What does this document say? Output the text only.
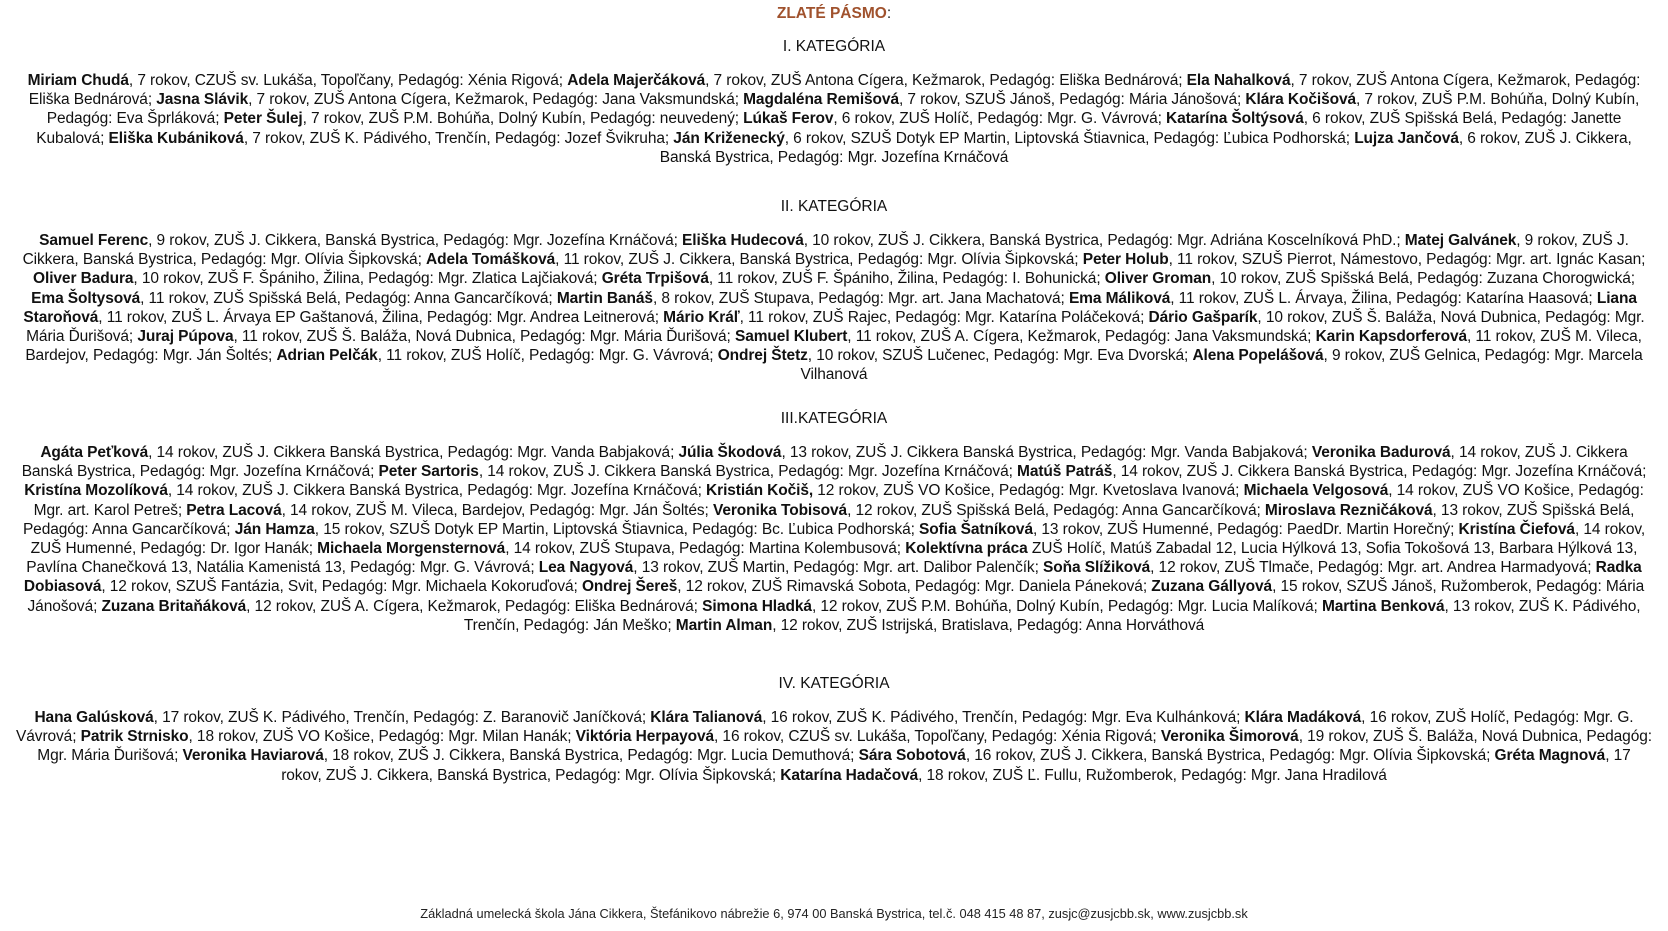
ZLATÉ PÁSMO:
I. KATEGÓRIA

Miriam Chudá, 7 rokov, CZUŠ sv. Lukáša, Topoľčany, Pedagóg: Xénia Rigová; Adela Majerčáková, 7 rokov, ZUŠ Antona Cígera, Kežmarok, Pedagóg: Eliška Bednárová; Ela Nahalková, 7 rokov, ZUŠ Antona Cígera, Kežmarok, Pedagóg: Eliška Bednárová; Jasna Slávik, 7 rokov, ZUŠ Antona Cígera, Kežmarok, Pedagóg: Jana Vaksmundská; Magdaléna Remišová, 7 rokov, SZUŠ Jánoš, Pedagóg: Mária Jánošová; Klára Kočišová, 7 rokov, ZUŠ P.M. Bohúňa, Dolný Kubín, Pedagóg: Eva Šprláková; Peter Šulej, 7 rokov, ZUŠ P.M. Bohúňa, Dolný Kubín, Pedagóg: neuvedený; Lúkaš Ferov, 6 rokov, ZUŠ Holíč, Pedagóg: Mgr. G. Vávrová; Katarína Šoltýsová, 6 rokov, ZUŠ Spišská Belá, Pedagóg: Janette Kubalová; Eliška Kubániková, 7 rokov, ZUŠ K. Pádivého, Trenčín, Pedagóg: Jozef Švikruha; Ján Križenecký, 6 rokov, SZUŠ Dotyk EP Martin, Liptovská Štiavnica, Pedagóg: Ľubica Podhorská; Lujza Jančová, 6 rokov, ZUŠ J. Cikkera, Banská Bystrica, Pedagóg: Mgr. Jozefína Krnáčová

II. KATEGÓRIA

Samuel Ferenc, 9 rokov, ZUŠ J. Cikkera, Banská Bystrica, Pedagóg: Mgr. Jozefína Krnáčová; Eliška Hudecová, 10 rokov, ZUŠ J. Cikkera, Banská Bystrica, Pedagóg: Mgr. Adriána Koscelníková PhD.; Matej Galvánek, 9 rokov, ZUŠ J. Cikkera, Banská Bystrica, Pedagóg: Mgr. Olívia Šipkovská; Adela Tomášková, 11 rokov, ZUŠ J. Cikkera, Banská Bystrica, Pedagóg: Mgr. Olívia Šipkovská; Peter Holub, 11 rokov, SZUŠ Pierrot, Námestovo, Pedagóg: Mgr. art. Ignác Kasan; Oliver Badura, 10 rokov, ZUŠ F. Špániho, Žilina, Pedagóg: Mgr. Zlatica Lajčiaková; Gréta Trpišová, 11 rokov, ZUŠ F. Špániho, Žilina, Pedagóg: I. Bohunická; Oliver Groman, 10 rokov, ZUŠ Spišská Belá, Pedagóg: Zuzana Chorogwická; Ema Šoltysová, 11 rokov, ZUŠ Spišská Belá, Pedagóg: Anna Gancarčíková; Martin Banáš, 8 rokov, ZUŠ Stupava, Pedagóg: Mgr. art. Jana Machatová; Ema Máliková, 11 rokov, ZUŠ L. Árvaya, Žilina, Pedagóg: Katarína Haasová; Liana Staroňová, 11 rokov, ZUŠ L. Árvaya EP Gaštanová, Žilina, Pedagóg: Mgr. Andrea Leitnerová; Mário Kráľ, 11 rokov, ZUŠ Rajec, Pedagóg: Mgr. Katarína Poláčeková; Dário Gašparík, 10 rokov, ZUŠ Š. Baláža, Nová Dubnica, Pedagóg: Mgr. Mária Ďurišová; Juraj Púpova, 11 rokov, ZUŠ Š. Baláža, Nová Dubnica, Pedagóg: Mgr. Mária Ďurišová; Samuel Klubert, 11 rokov, ZUŠ A. Cígera, Kežmarok, Pedagóg: Jana Vaksmundská; Karin Kapsdorferová, 11 rokov, ZUŠ M. Vileca, Bardejov, Pedagóg: Mgr. Ján Šoltés; Adrian Pelčák, 11 rokov, ZUŠ Holíč, Pedagóg: Mgr. G. Vávrová; Ondrej Štetz, 10 rokov, SZUŠ Lučenec, Pedagóg: Mgr. Eva Dvorská; Alena Popelášová, 9 rokov, ZUŠ Gelnica, Pedagóg: Mgr. Marcela Vilhanová

III.KATEGÓRIA

Agáta Peťková, 14 rokov, ZUŠ J. Cikkera Banská Bystrica, Pedagóg: Mgr. Vanda Babjaková; Júlia Škodová, 13 rokov, ZUŠ J. Cikkera Banská Bystrica, Pedagóg: Mgr. Vanda Babjaková; Veronika Badurová, 14 rokov, ZUŠ J. Cikkera Banská Bystrica, Pedagóg: Mgr. Jozefína Krnáčová; Peter Sartoris, 14 rokov, ZUŠ J. Cikkera Banská Bystrica, Pedagóg: Mgr. Jozefína Krnáčová; Matúš Patráš, 14 rokov, ZUŠ J. Cikkera Banská Bystrica, Pedagóg: Mgr. Jozefína Krnáčová; Kristína Mozolíková, 14 rokov, ZUŠ J. Cikkera Banská Bystrica, Pedagóg: Mgr. Jozefína Krnáčová; Kristián Kočiš, 12 rokov, ZUŠ VO Košice, Pedagóg: Mgr. Kvetoslava Ivanová; Michaela Velgosová, 14 rokov, ZUŠ VO Košice, Pedagóg: Mgr. art. Karol Petreš; Petra Lacová, 14 rokov, ZUŠ M. Vileca, Bardejov, Pedagóg: Mgr. Ján Šoltés; Veronika Tobisová, 12 rokov, ZUŠ Spišská Belá, Pedagóg: Anna Gancarčíková; Miroslava Rezničáková, 13 rokov, ZUŠ Spišská Belá, Pedagóg: Anna Gancarčíková; Ján Hamza, 15 rokov, SZUŠ Dotyk EP Martin, Liptovská Štiavnica, Pedagóg: Bc. Ľubica Podhorská; Sofia Šatníková, 13 rokov, ZUŠ Humenné, Pedagóg: PaedDr. Martin Horečný; Kristína Čiefová, 14 rokov, ZUŠ Humenné, Pedagóg: Dr. Igor Hanák; Michaela Morgensternová, 14 rokov, ZUŠ Stupava, Pedagóg: Martina Kolembusová; Kolektívna práca ZUŠ Holíč, Matúš Zabadal 12, Lucia Hýlková 13, Sofia Tokošová 13, Barbara Hýlková 13, Pavlína Chanečková 13, Natália Kamenistá 13, Pedagóg: Mgr. G. Vávrová; Lea Nagyová, 13 rokov, ZUŠ Martin, Pedagóg: Mgr. art. Dalibor Palenčík; Soňa Slížiková, 12 rokov, ZUŠ Tlmače, Pedagóg: Mgr. art. Andrea Harmadyová; Radka Dobiasová, 12 rokov, SZUŠ Fantázia, Svit, Pedagóg: Mgr. Michaela Kokoruďová; Ondrej Šereš, 12 rokov, ZUŠ Rimavská Sobota, Pedagóg: Mgr. Daniela Páneková; Zuzana Gállyová, 15 rokov, SZUŠ Jánoš, Ružomberok, Pedagóg: Mária Jánošová; Zuzana Britaňáková, 12 rokov, ZUŠ A. Cígera, Kežmarok, Pedagóg: Eliška Bednárová; Simona Hladká, 12 rokov, ZUŠ P.M. Bohúňa, Dolný Kubín, Pedagóg: Mgr. Lucia Malíková; Martina Benková, 13 rokov, ZUŠ K. Pádivého, Trenčín, Pedagóg: Ján Meško; Martin Alman, 12 rokov, ZUŠ Istrijská, Bratislava, Pedagóg: Anna Horváthová

IV. KATEGÓRIA

Hana Galúsková, 17 rokov, ZUŠ K. Pádivého, Trenčín, Pedagóg: Z. Baranovič Janíčková; Klára Talianová, 16 rokov, ZUŠ K. Pádivého, Trenčín, Pedagóg: Mgr. Eva Kulhánková; Klára Madáková, 16 rokov, ZUŠ Holíč, Pedagóg: Mgr. G. Vávrová; Patrik Strnisko, 18 rokov, ZUŠ VO Košice, Pedagóg: Mgr. Milan Hanák; Viktória Herpayová, 16 rokov, CZUŠ sv. Lukáša, Topoľčany, Pedagóg: Xénia Rigová; Veronika Šimorová, 19 rokov, ZUŠ Š. Baláža, Nová Dubnica, Pedagóg: Mgr. Mária Ďurišová; Veronika Haviarová, 18 rokov, ZUŠ J. Cikkera, Banská Bystrica, Pedagóg: Mgr. Lucia Demuthová; Sára Sobotová, 16 rokov, ZUŠ J. Cikkera, Banská Bystrica, Pedagóg: Mgr. Olívia Šipkovská; Gréta Magnová, 17 rokov, ZUŠ J. Cikkera, Banská Bystrica, Pedagóg: Mgr. Olívia Šipkovská; Katarína Hadačová, 18 rokov, ZUŠ Ľ. Fullu, Ružomberok, Pedagóg: Mgr. Jana Hradilová

Základná umelecká škola Jána Cikkera, Štefánikovo nábrežie 6, 974 00 Banská Bystrica, tel.č. 048 415 48 87, zusjc@zusjcbb.sk, www.zusjcbb.sk
